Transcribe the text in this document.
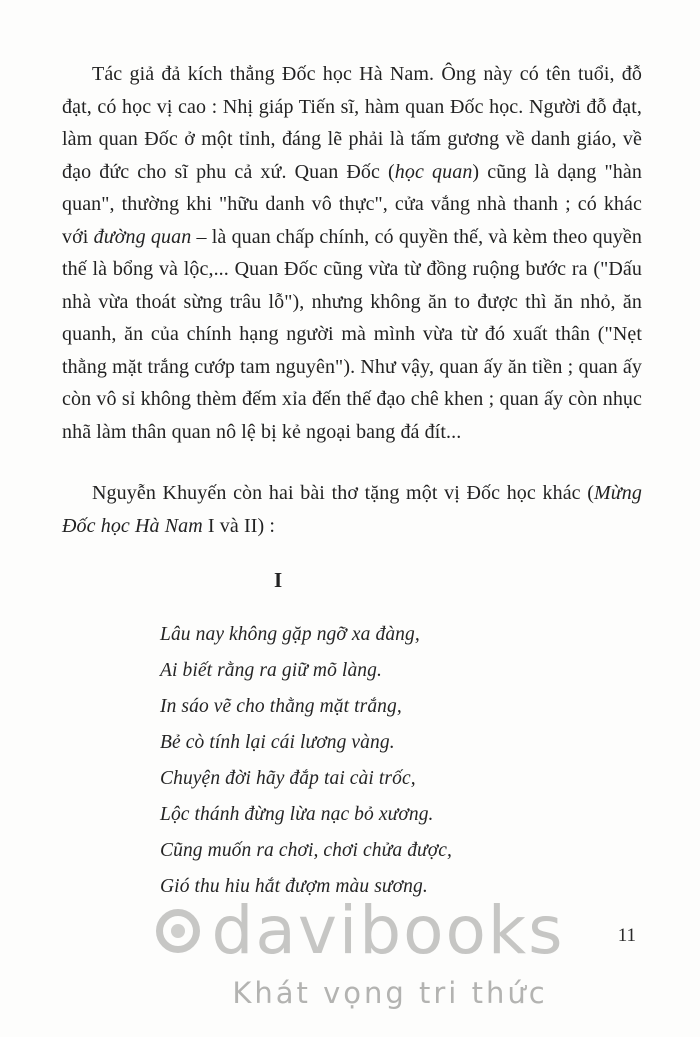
Tác giả đả kích thẳng Đốc học Hà Nam. Ông này có tên tuổi, đỗ đạt, có học vị cao : Nhị giáp Tiến sĩ, hàm quan Đốc học. Người đỗ đạt, làm quan Đốc ở một tỉnh, đáng lẽ phải là tấm gương về danh giáo, về đạo đức cho sĩ phu cả xứ. Quan Đốc (học quan) cũng là dạng "hàn quan", thường khi "hữu danh vô thực", cửa vắng nhà thanh ; có khác với đường quan – là quan chấp chính, có quyền thế, và kèm theo quyền thế là bổng và lộc,... Quan Đốc cũng vừa từ đồng ruộng bước ra ("Dấu nhà vừa thoát sừng trâu lỗ"), nhưng không ăn to được thì ăn nhỏ, ăn quanh, ăn của chính hạng người mà mình vừa từ đó xuất thân ("Nẹt thằng mặt trắng cướp tam nguyên"). Như vậy, quan ấy ăn tiền ; quan ấy còn vô sỉ không thèm đếm xỉa đến thế đạo chê khen ; quan ấy còn nhục nhã làm thân quan nô lệ bị kẻ ngoại bang đá đít...

Nguyễn Khuyến còn hai bài thơ tặng một vị Đốc học khác (Mừng Đốc học Hà Nam I và II) :

I
Lâu nay không gặp ngỡ xa đàng,
Ai biết rằng ra giữ mõ làng.
In sáo vẽ cho thằng mặt trắng,
Bẻ cò tính lại cái lương vàng.
Chuyện đời hãy đắp tai cài trốc,
Lộc thánh đừng lừa nạc bỏ xương.
Cũng muốn ra chơi, chơi chửa được,
Gió thu hiu hắt đượm màu sương.
davibooks
Khát vọng tri thức
11
